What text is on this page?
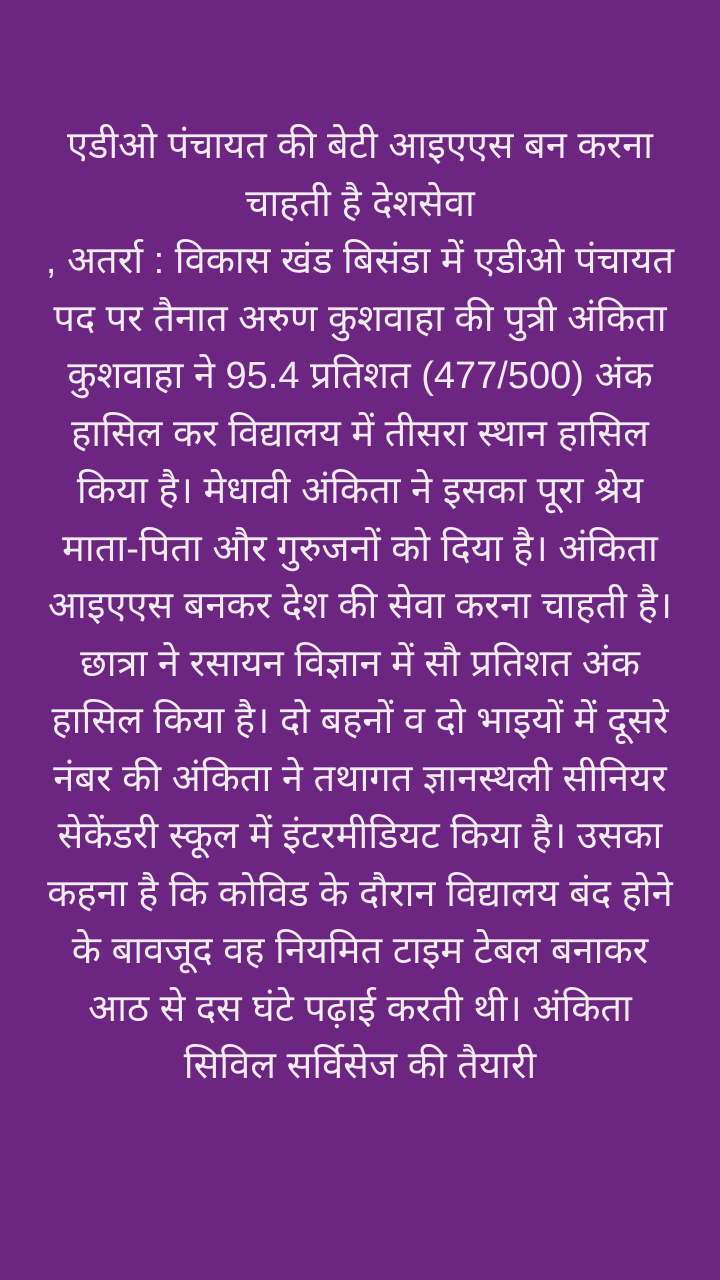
एडीओ पंचायत की बेटी आइएएस बन करना
चाहती है देशसेवा
, अतर्रा : विकास खंड बिसंडा में एडीओ पंचायत
पद पर तैनात अरुण कुशवाहा की पुत्री अंकिता
कुशवाहा ने 95.4 प्रतिशत (477/500) अंक
हासिल कर विद्यालय में तीसरा स्थान हासिल
किया है। मेधावी अंकिता ने इसका पूरा श्रेय
माता-पिता और गुरुजनों को दिया है। अंकिता
आइएएस बनकर देश की सेवा करना चाहती है।
छात्रा ने रसायन विज्ञान में सौ प्रतिशत अंक
हासिल किया है। दो बहनों व दो भाइयों में दूसरे
नंबर की अंकिता ने तथागत ज्ञानस्थली सीनियर
सेकेंडरी स्कूल में इंटरमीडियट किया है। उसका
कहना है कि कोविड के दौरान विद्यालय बंद होने
के बावजूद वह नियमित टाइम टेबल बनाकर
आठ से दस घंटे पढ़ाई करती थी। अंकिता
सिविल सर्विसेज की तैयारी
